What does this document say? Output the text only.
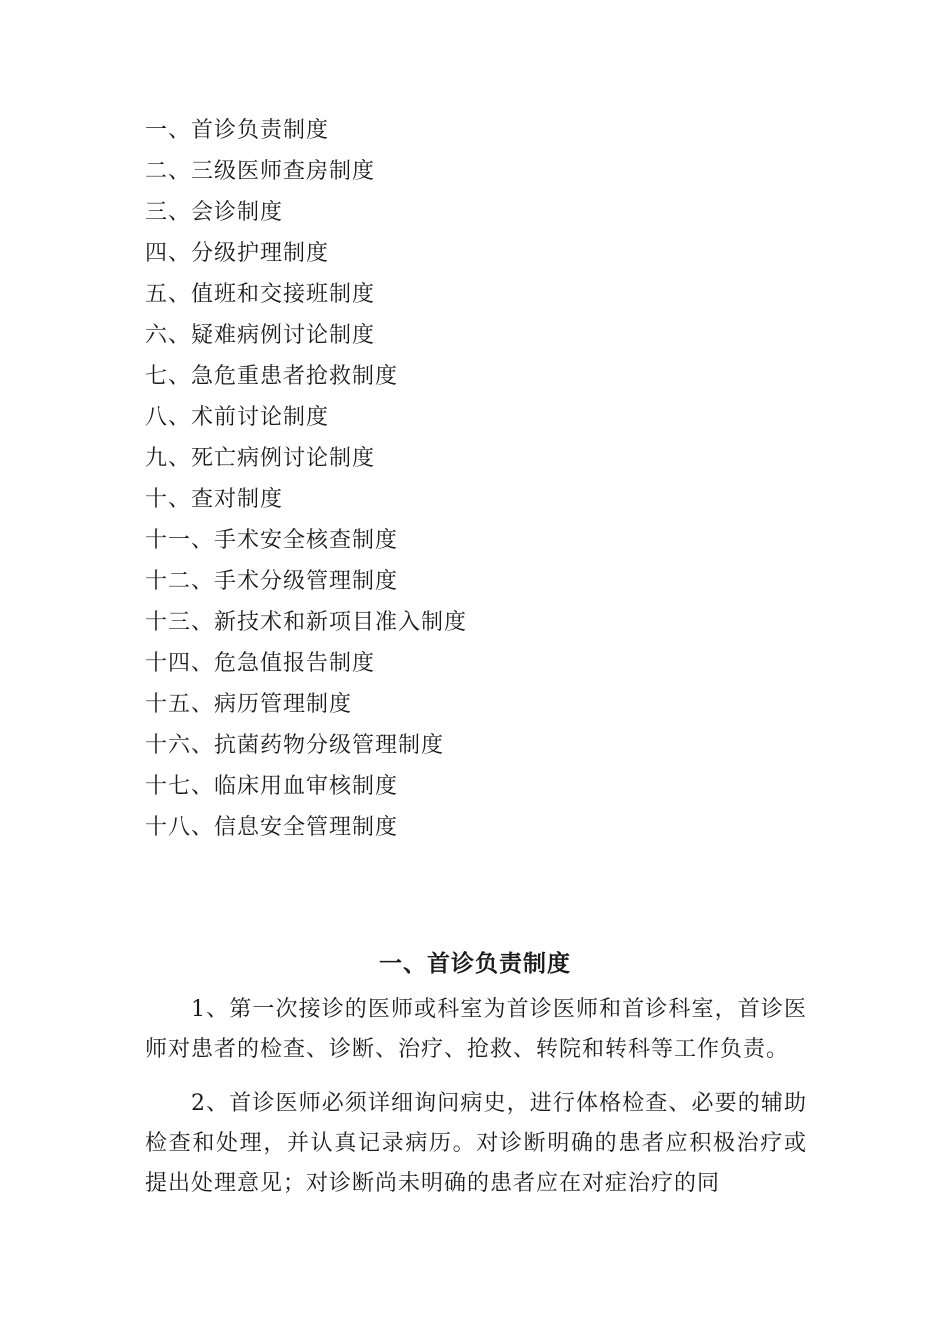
一、首诊负责制度
二、三级医师查房制度
三、会诊制度
四、分级护理制度
五、值班和交接班制度
六、疑难病例讨论制度
七、急危重患者抢救制度
八、术前讨论制度
九、死亡病例讨论制度
十、查对制度
十一、手术安全核查制度
十二、手术分级管理制度
十三、新技术和新项目准入制度
十四、危急值报告制度
十五、病历管理制度
十六、抗菌药物分级管理制度
十七、临床用血审核制度
十八、信息安全管理制度
一、首诊负责制度

1、第一次接诊的医师或科室为首诊医师和首诊科室，首诊医师对患者的检查、诊断、治疗、抢救、转院和转科等工作负责。

2、首诊医师必须详细询问病史，进行体格检查、必要的辅助检查和处理，并认真记录病历。对诊断明确的患者应积极治疗或提出处理意见；对诊断尚未明确的患者应在对症治疗的同
